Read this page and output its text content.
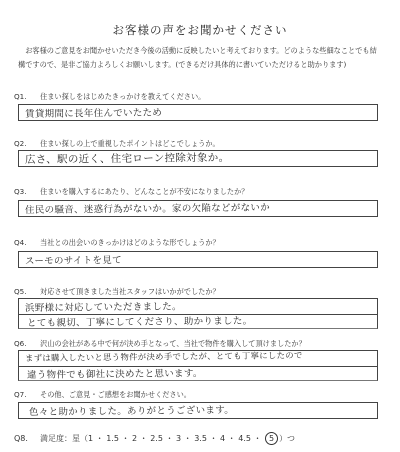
お客様の声をお聞かせください

お客様のご意見をお聞かせいただき今後の活動に反映したいと考えております。どのような些細なことでも結

構ですので、是非ご協力よろしくお願いします。(できるだけ具体的に書いていただけると助かります)
Q1. 住まい探しをはじめたきっかけを教えてください。
賃貸期間に長年住んでいたため
Q2. 住まい探しの上で重視したポイントはどこでしょうか。
広さ、駅の近く、住宅ローン控除対象か。
Q3. 住まいを購入するにあたり、どんなことが不安になりましたか？
住民の騒音、迷惑行為がないか。家の欠陥などがないか
Q4. 当社との出会いのきっかけはどのような形でしょうか？
スーモのサイトを見て
Q5. 対応させて頂きました当社スタッフはいかがでしたか？
浜野様に対応していただきました。
とても親切、丁寧にしてくださり、助かりました。
Q6. 沢山の会社がある中で何が決め手となって、当社で物件を購入して頂けましたか？
まずは購入したいと思う物件が決め手でしたが、とても丁寧にしたので
違う物件でも御社に決めたと思います。
Q7. その他、ご意見・ご感想をお聞かせください。
色々と助かりました。ありがとうございます。
Q8. 満足度：星（1 ・ 1.5 ・ 2 ・ 2.5 ・ 3 ・ 3.5 ・ 4 ・ 4.5 ・ 5 ）つ
